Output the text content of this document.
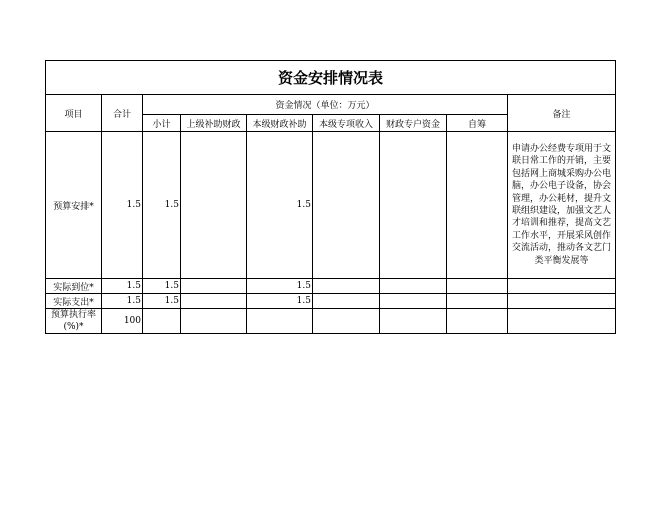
资金安排情况表								
项目	合计	资金情况（单位：万元）						备注
		小计	上级补助财政	本级财政补助	本级专项收入	财政专户资金	自筹	
预算安排*	1.5	1.5		1.5				申请办公经费专项用于文联日常工作的开销，主要包括网上商城采购办公电脑，办公电子设备，协会管理，办公耗材，提升文联组织建设，加强文艺人才培训和推荐，提高文艺工作水平，开展采风创作交流活动，推动各文艺门类平衡发展等
实际到位*	1.5	1.5		1.5				
实际支出*	1.5	1.5		1.5				
预算执行率(%)*	100							
